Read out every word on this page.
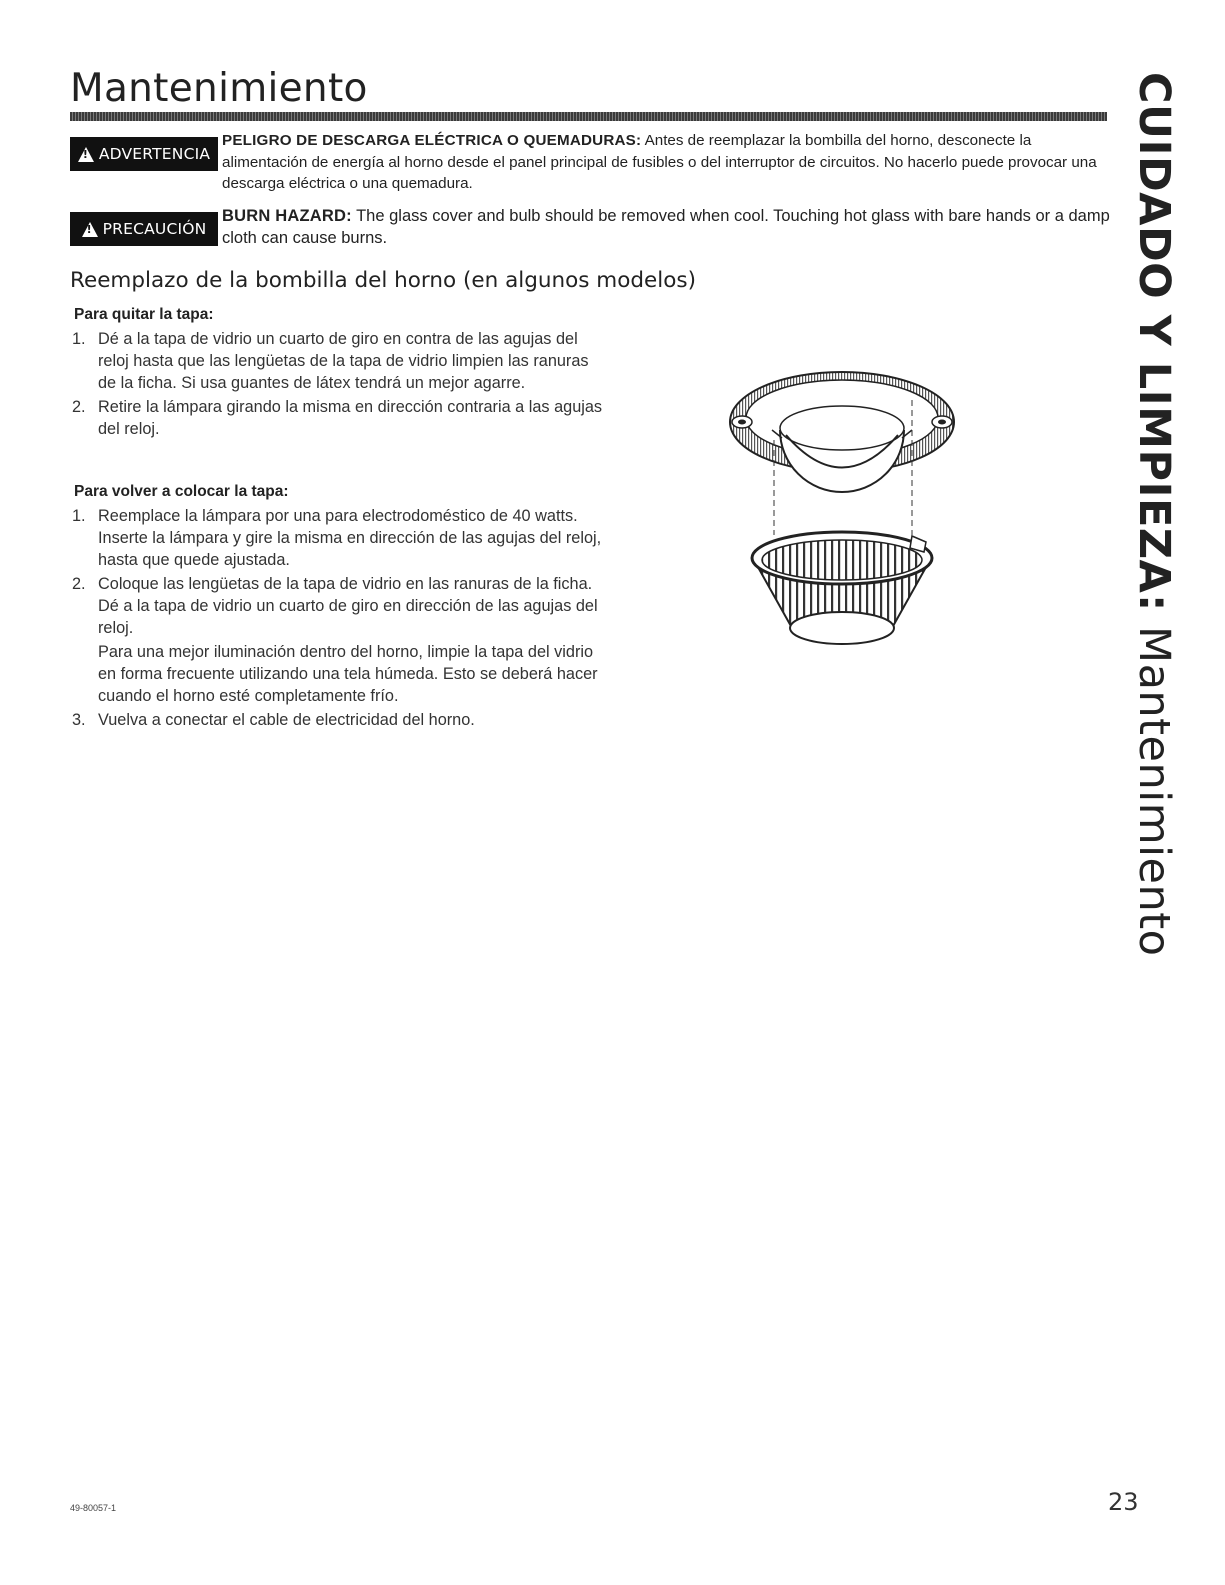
Mantenimiento
!
ADVERTENCIA
PELIGRO DE DESCARGA ELÉCTRICA O QUEMADURAS: Antes de reemplazar la bombilla del horno, desconecte la alimentación de energía al horno desde el panel principal de fusibles o del interruptor de circuitos. No hacerlo puede provocar una descarga eléctrica o una quemadura.
!
PRECAUCIÓN
BURN HAZARD: The glass cover and bulb should be removed when cool. Touching hot glass with bare hands or a damp cloth can cause burns.
Reemplazo de la bombilla del horno (en algunos modelos)
Para quitar la tapa:
1. Dé a la tapa de vidrio un cuarto de giro en contra de las agujas del reloj hasta que las lengüetas de la tapa de vidrio limpien las ranuras de la ficha. Si usa guantes de látex tendrá un mejor agarre.
2. Retire la lámpara girando la misma en dirección contraria a las agujas del reloj.
Para volver a colocar la tapa:
1. Reemplace la lámpara por una para electrodoméstico de 40 watts. Inserte la lámpara y gire la misma en dirección de las agujas del reloj, hasta que quede ajustada.
2. Coloque las lengüetas de la tapa de vidrio en las ranuras de la ficha. Dé a la tapa de vidrio un cuarto de giro en dirección de las agujas del reloj.
Para una mejor iluminación dentro del horno, limpie la tapa del vidrio en forma frecuente utilizando una tela húmeda. Esto se deberá hacer cuando el horno esté completamente frío.
3. Vuelva a conectar el cable de electricidad del horno.
CUIDADO Y LIMPIEZA: Mantenimiento
49-80057-1	23
